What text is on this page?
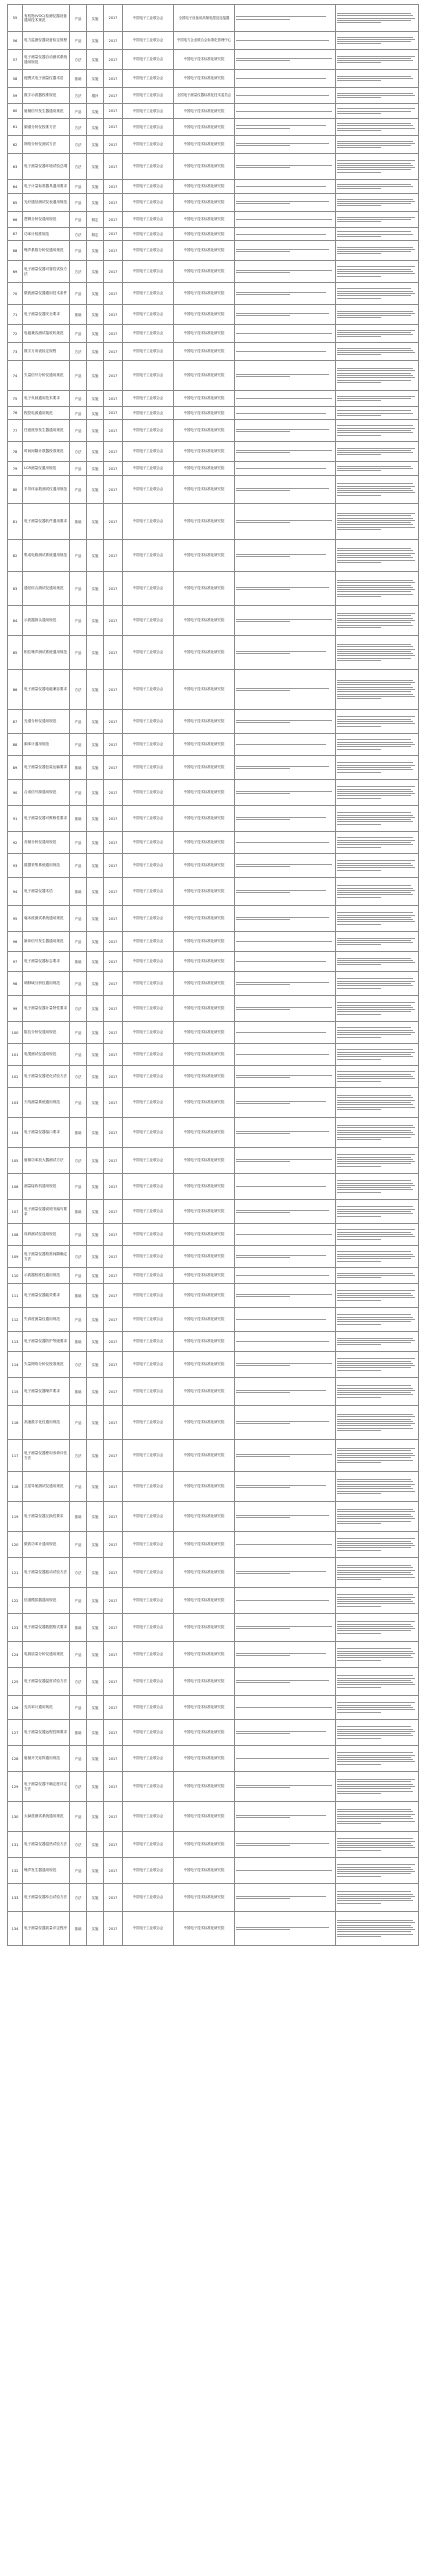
55	有机物(VOC)检测仪器设备通用技术规范	产品	实施	2017	中国电子工业联合会	全国电子设备用高频电缆及连接器	

56	电力监测仪器设备检定规程	产品	实施	2017	中国电子工业联合会	中国电力企业联合会标准化管理中心	

57	电子测量仪器自动测试系统通用规范	方法	实施	2017	中国电子工业联合会	中国电子技术标准化研究院	

58	便携式电子测量仪器术语	基础	实施	2017	中国电子工业联合会	中国电子技术标准化研究院	

59	数字示波器校准规范	方法	增补	2017	中国电子工业联合会	全国电子测量仪器标准化技术委员会	

60	射频信号发生器通用规范	产品	实施	2017	中国电子工业联合会	中国电子技术标准化研究院	

61	频谱分析仪校准方法	方法	实施	2017	中国电子工业联合会	中国电子技术标准化研究院	

62	网络分析仪测试方法	方法	实施	2017	中国电子工业联合会	中国电子技术标准化研究院	

63	电子测量仪器环境试验总纲	方法	实施	2017	中国电子工业联合会	中国电子技术标准化研究院	

64	电子计量标准器具通用要求	产品	实施	2017	中国电子工业联合会	中国电子技术标准化研究院	

65	光纤通信测试仪表通用规范	产品	实施	2017	中国电子工业联合会	中国电子技术标准化研究院	

66	逻辑分析仪通用规范	产品	制定	2017	中国电子工业联合会	中国电子技术标准化研究院	

67	功率计校准规范	方法	制定	2017	中国电子工业联合会	中国电子技术标准化研究院	

68	噪声系数分析仪通用规范	产品	实施	2017	中国电子工业联合会	中国电子技术标准化研究院	

69	电子测量仪器可靠性试验方法	方法	实施	2017	中国电子工业联合会	中国电子技术标准化研究院	

70	微波测量仪器通用技术条件	产品	实施	2017	中国电子工业联合会	中国电子技术标准化研究院	

71	电子测量仪器安全要求	基础	实施	2017	中国电子工业联合会	中国电子技术标准化研究院	

72	电磁兼容测试接收机规范	产品	实施	2017	中国电子工业联合会	中国电子技术标准化研究院	

73	数字万用表检定规程	方法	实施	2017	中国电子工业联合会	中国电子技术标准化研究院	

74	矢量信号分析仪通用规范	产品	实施	2017	中国电子工业联合会	中国电子技术标准化研究院	

75	电子负载通用技术要求	产品	实施	2017	中国电子工业联合会	中国电子技术标准化研究院	

76	程控电源通用规范	产品	实施	2017	中国电子工业联合会	中国电子技术标准化研究院	

77	任意波形发生器通用规范	产品	实施	2017	中国电子工业联合会	中国电子技术标准化研究院	

78	时间间隔计数器校准规范	方法	实施	2017	中国电子工业联合会	中国电子技术标准化研究院	

79	LCR测量仪通用规范	产品	实施	2017	中国电子工业联合会	中国电子技术标准化研究院	

80	半导体参数测试仪通用规范	产品	实施	2017	中国电子工业联合会	中国电子技术标准化研究院	

81	电子测量仪器软件通用要求	基础	实施	2017	中国电子工业联合会	中国电子技术标准化研究院	

82	集成电路测试系统通用规范	产品	实施	2017	中国电子工业联合会	中国电子技术标准化研究院	

83	通信综合测试仪通用规范	产品	实施	2017	中国电子工业联合会	中国电子技术标准化研究院	

84	示波器探头通用规范	产品	实施	2017	中国电子工业联合会	中国电子技术标准化研究院	

85	相位噪声测试系统通用规范	产品	实施	2017	中国电子工业联合会	中国电子技术标准化研究院	

86	电子测量仪器电磁兼容要求	方法	实施	2017	中国电子工业联合会	中国电子技术标准化研究院	

87	光谱分析仪通用规范	产品	实施	2017	中国电子工业联合会	中国电子技术标准化研究院	

88	频率计通用规范	产品	实施	2017	中国电子工业联合会	中国电子技术标准化研究院	

89	电子测量仪器包装运输要求	基础	实施	2017	中国电子工业联合会	中国电子技术标准化研究院	

90	合成信号源通用规范	产品	实施	2017	中国电子工业联合会	中国电子技术标准化研究院	

91	电子测量仪器可维修性要求	基础	实施	2017	中国电子工业联合会	中国电子技术标准化研究院	

92	音频分析仪通用规范	产品	实施	2017	中国电子工业联合会	中国电子技术标准化研究院	

93	数据采集系统通用规范	产品	实施	2017	中国电子工业联合会	中国电子技术标准化研究院	

94	电子测量仪器术语	基础	实施	2017	中国电子工业联合会	中国电子技术标准化研究院	

95	毫米波测试系统通用规范	产品	实施	2017	中国电子工业联合会	中国电子技术标准化研究院	

96	脉冲信号发生器通用规范	产品	实施	2017	中国电子工业联合会	中国电子技术标准化研究院	

97	电子测量仪器标志要求	基础	实施	2017	中国电子工业联合会	中国电子技术标准化研究院	

98	调制域分析仪通用规范	产品	实施	2017	中国电子工业联合会	中国电子技术标准化研究院	

99	电子测量仪器计量特性要求	方法	实施	2017	中国电子工业联合会	中国电子技术标准化研究院	

100	阻抗分析仪通用规范	产品	实施	2017	中国电子工业联合会	中国电子技术标准化研究院	

101	电缆测试仪通用规范	产品	实施	2017	中国电子工业联合会	中国电子技术标准化研究院	

102	电子测量仪器老化试验方法	方法	实施	2017	中国电子工业联合会	中国电子技术标准化研究院	

103	天线测量系统通用规范	产品	实施	2017	中国电子工业联合会	中国电子技术标准化研究院	

104	电子测量仪器接口要求	基础	实施	2017	中国电子工业联合会	中国电子技术标准化研究院	

105	射频功率放大器测试方法	方法	实施	2017	中国电子工业联合会	中国电子技术标准化研究院	

106	测量接收机通用规范	产品	实施	2017	中国电子工业联合会	中国电子技术标准化研究院	

107	电子测量仪器说明书编写要求	基础	实施	2017	中国电子工业联合会	中国电子技术标准化研究院	

108	误码测试仪通用规范	产品	实施	2017	中国电子工业联合会	中国电子技术标准化研究院	

109	电子测量仪器校准间隔确定方法	方法	实施	2017	中国电子工业联合会	中国电子技术标准化研究院	

110	示波器校准仪通用规范	产品	实施	2017	中国电子工业联合会	中国电子技术标准化研究院	

111	电子测量仪器能效要求	基础	实施	2017	中国电子工业联合会	中国电子技术标准化研究院	

112	失真度测量仪通用规范	产品	实施	2017	中国电子工业联合会	中国电子技术标准化研究院	

113	电子测量仪器防护等级要求	基础	实施	2017	中国电子工业联合会	中国电子技术标准化研究院	

114	矢量网络分析仪校准规范	方法	实施	2017	中国电子工业联合会	中国电子技术标准化研究院	

115	电子测量仪器噪声要求	基础	实施	2017	中国电子工业联合会	中国电子技术标准化研究院	

116	高速数字化仪通用规范	产品	实施	2017	中国电子工业联合会	中国电子技术标准化研究院	

117	电子测量仪器使用寿命评估方法	方法	实施	2017	中国电子工业联合会	中国电子技术标准化研究院	

118	卫星导航测试仪通用规范	产品	实施	2017	中国电子工业联合会	中国电子技术标准化研究院	

119	电子测量仪器互换性要求	基础	实施	2017	中国电子工业联合会	中国电子技术标准化研究院	

120	微波功率计通用规范	产品	实施	2017	中国电子工业联合会	中国电子技术标准化研究院	

121	电子测量仪器振动试验方法	方法	实施	2017	中国电子工业联合会	中国电子技术标准化研究院	

122	信道模拟器通用规范	产品	实施	2017	中国电子工业联合会	中国电子技术标准化研究院	

123	电子测量仪器数据格式要求	基础	实施	2017	中国电子工业联合会	中国电子技术标准化研究院	

124	电源质量分析仪通用规范	产品	实施	2017	中国电子工业联合会	中国电子技术标准化研究院	

125	电子测量仪器温度试验方法	方法	实施	2017	中国电子工业联合会	中国电子技术标准化研究院	

126	光功率计通用规范	产品	实施	2017	中国电子工业联合会	中国电子技术标准化研究院	

127	电子测量仪器远程控制要求	基础	实施	2017	中国电子工业联合会	中国电子技术标准化研究院	

128	射频开关矩阵通用规范	产品	实施	2017	中国电子工业联合会	中国电子技术标准化研究院	

129	电子测量仪器不确定度评定方法	方法	实施	2017	中国电子工业联合会	中国电子技术标准化研究院	

130	太赫兹测试系统通用规范	产品	实施	2017	中国电子工业联合会	中国电子技术标准化研究院	

131	电子测量仪器湿热试验方法	方法	实施	2017	中国电子工业联合会	中国电子技术标准化研究院	

132	噪声发生器通用规范	产品	实施	2017	中国电子工业联合会	中国电子技术标准化研究院	

133	电子测量仪器冲击试验方法	方法	实施	2017	中国电子工业联合会	中国电子技术标准化研究院	

134	电子测量仪器质量评定程序	基础	实施	2017	中国电子工业联合会	中国电子技术标准化研究院	
